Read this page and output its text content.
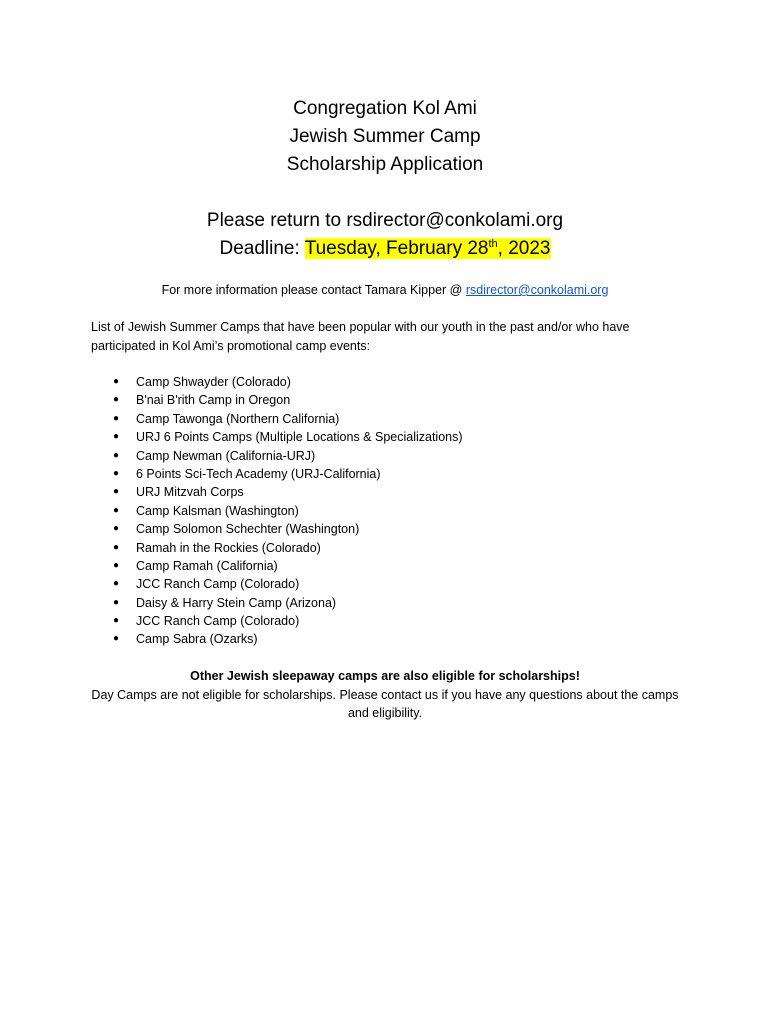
Congregation Kol Ami
Jewish Summer Camp
Scholarship Application
Please return to rsdirector@conkolami.org
Deadline: Tuesday, February 28th, 2023
For more information please contact Tamara Kipper @ rsdirector@conkolami.org
List of Jewish Summer Camps that have been popular with our youth in the past and/or who have participated in Kol Ami’s promotional camp events:
● Camp Shwayder (Colorado)
● B'nai B'rith Camp in Oregon
● Camp Tawonga (Northern California)
● URJ 6 Points Camps (Multiple Locations & Specializations)
● Camp Newman (California-URJ)
● 6 Points Sci-Tech Academy (URJ-California)
● URJ Mitzvah Corps
● Camp Kalsman (Washington)
● Camp Solomon Schechter (Washington)
● Ramah in the Rockies (Colorado)
● Camp Ramah (California)
● JCC Ranch Camp (Colorado)
● Daisy & Harry Stein Camp (Arizona)
● JCC Ranch Camp (Colorado)
● Camp Sabra (Ozarks)
Other Jewish sleepaway camps are also eligible for scholarships!
Day Camps are not eligible for scholarships. Please contact us if you have any questions about the camps and eligibility.
